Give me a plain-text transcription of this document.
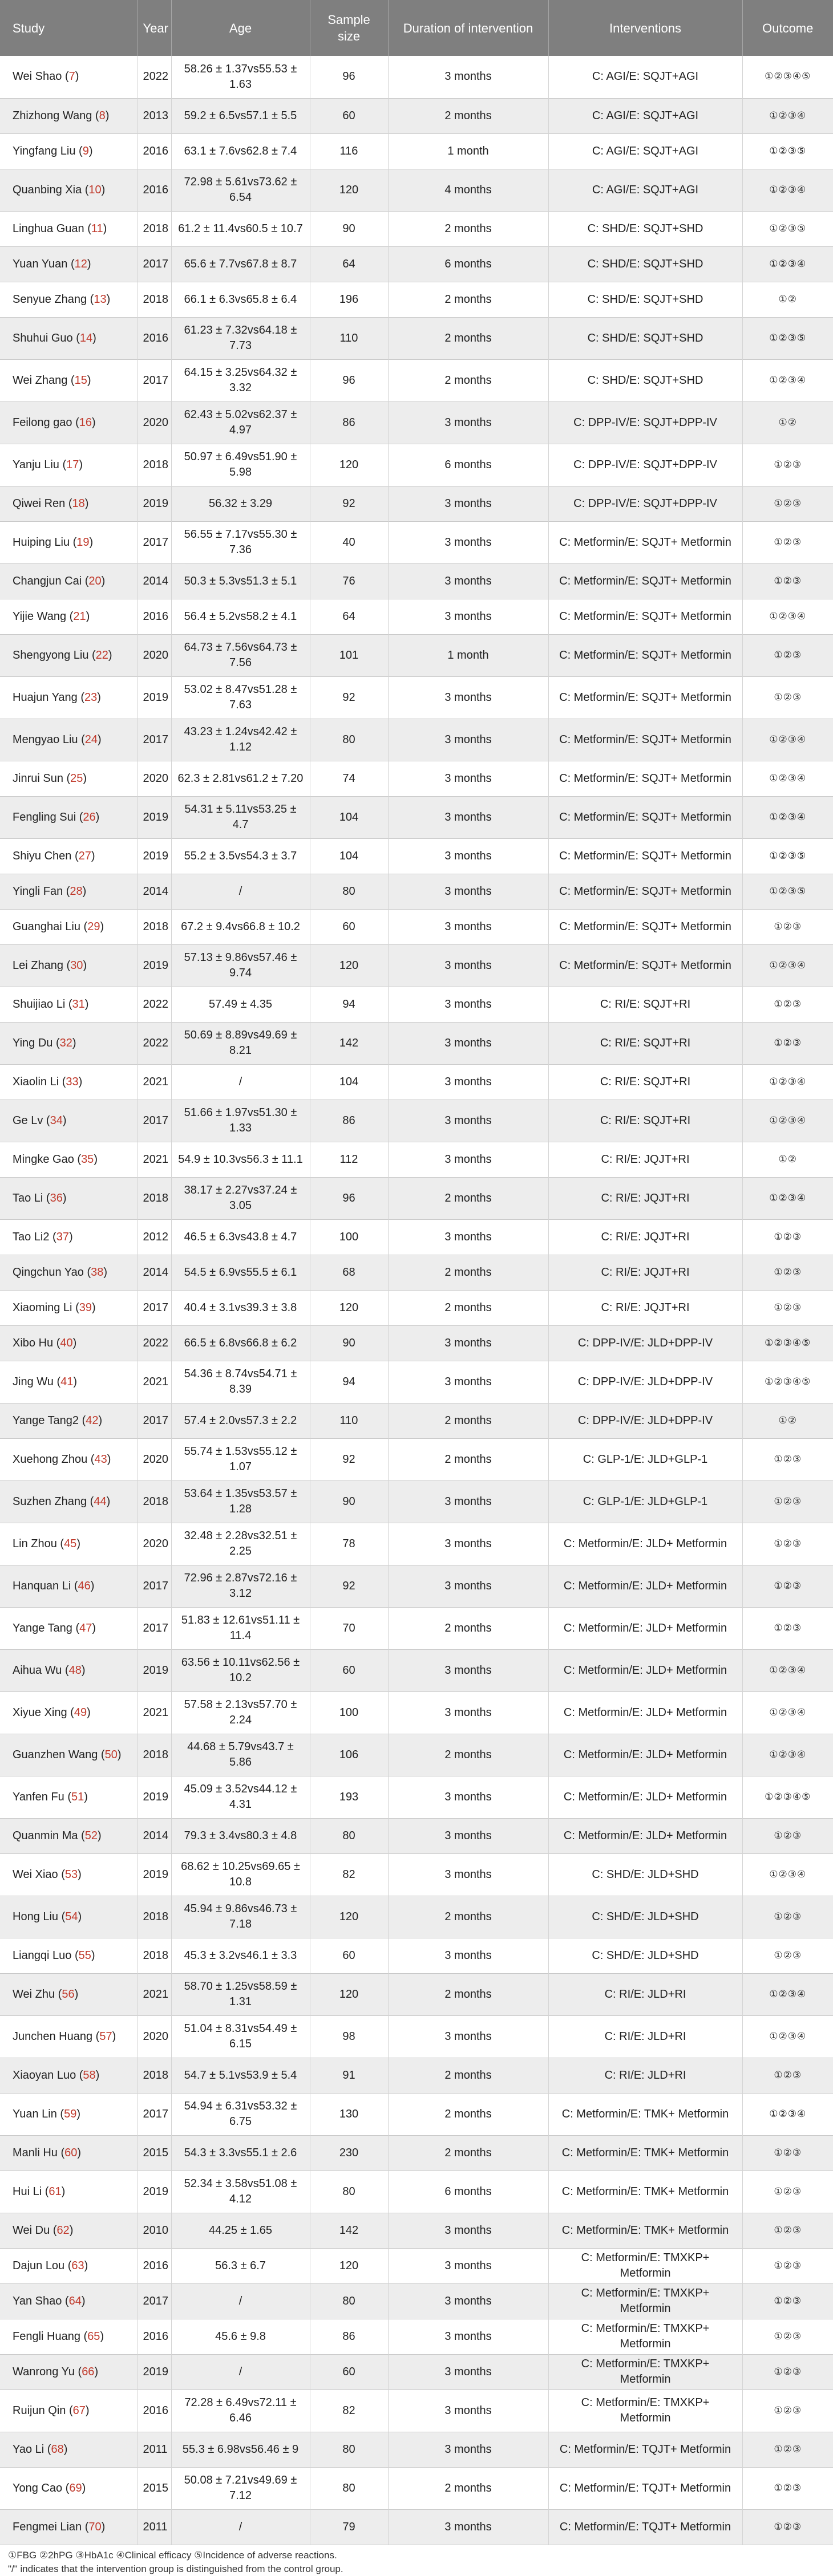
Study	Year	Age	Sample size	Duration of intervention	Interventions	Outcome
Wei Shao (7)	2022	58.26 ± 1.37vs55.53 ± 1.63	96	3 months	C: AGI/E: SQJT+AGI	①②③④⑤
Zhizhong Wang (8)	2013	59.2 ± 6.5vs57.1 ± 5.5	60	2 months	C: AGI/E: SQJT+AGI	①②③④
Yingfang Liu (9)	2016	63.1 ± 7.6vs62.8 ± 7.4	116	1 month	C: AGI/E: SQJT+AGI	①②③⑤
Quanbing Xia (10)	2016	72.98 ± 5.61vs73.62 ± 6.54	120	4 months	C: AGI/E: SQJT+AGI	①②③④
Linghua Guan (11)	2018	61.2 ± 11.4vs60.5 ± 10.7	90	2 months	C: SHD/E: SQJT+SHD	①②③⑤
Yuan Yuan (12)	2017	65.6 ± 7.7vs67.8 ± 8.7	64	6 months	C: SHD/E: SQJT+SHD	①②③④
Senyue Zhang (13)	2018	66.1 ± 6.3vs65.8 ± 6.4	196	2 months	C: SHD/E: SQJT+SHD	①②
Shuhui Guo (14)	2016	61.23 ± 7.32vs64.18 ± 7.73	110	2 months	C: SHD/E: SQJT+SHD	①②③⑤
Wei Zhang (15)	2017	64.15 ± 3.25vs64.32 ± 3.32	96	2 months	C: SHD/E: SQJT+SHD	①②③④
Feilong gao (16)	2020	62.43 ± 5.02vs62.37 ± 4.97	86	3 months	C: DPP-IV/E: SQJT+DPP-IV	①②
Yanju Liu (17)	2018	50.97 ± 6.49vs51.90 ± 5.98	120	6 months	C: DPP-IV/E: SQJT+DPP-IV	①②③
Qiwei Ren (18)	2019	56.32 ± 3.29	92	3 months	C: DPP-IV/E: SQJT+DPP-IV	①②③
Huiping Liu (19)	2017	56.55 ± 7.17vs55.30 ± 7.36	40	3 months	C: Metformin/E: SQJT+ Metformin	①②③
Changjun Cai (20)	2014	50.3 ± 5.3vs51.3 ± 5.1	76	3 months	C: Metformin/E: SQJT+ Metformin	①②③
Yijie Wang (21)	2016	56.4 ± 5.2vs58.2 ± 4.1	64	3 months	C: Metformin/E: SQJT+ Metformin	①②③④
Shengyong Liu (22)	2020	64.73 ± 7.56vs64.73 ± 7.56	101	1 month	C: Metformin/E: SQJT+ Metformin	①②③
Huajun Yang (23)	2019	53.02 ± 8.47vs51.28 ± 7.63	92	3 months	C: Metformin/E: SQJT+ Metformin	①②③
Mengyao Liu (24)	2017	43.23 ± 1.24vs42.42 ± 1.12	80	3 months	C: Metformin/E: SQJT+ Metformin	①②③④
Jinrui Sun (25)	2020	62.3 ± 2.81vs61.2 ± 7.20	74	3 months	C: Metformin/E: SQJT+ Metformin	①②③④
Fengling Sui (26)	2019	54.31 ± 5.11vs53.25 ± 4.7	104	3 months	C: Metformin/E: SQJT+ Metformin	①②③④
Shiyu Chen (27)	2019	55.2 ± 3.5vs54.3 ± 3.7	104	3 months	C: Metformin/E: SQJT+ Metformin	①②③⑤
Yingli Fan (28)	2014	/	80	3 months	C: Metformin/E: SQJT+ Metformin	①②③⑤
Guanghai Liu (29)	2018	67.2 ± 9.4vs66.8 ± 10.2	60	3 months	C: Metformin/E: SQJT+ Metformin	①②③
Lei Zhang (30)	2019	57.13 ± 9.86vs57.46 ± 9.74	120	3 months	C: Metformin/E: SQJT+ Metformin	①②③④
Shuijiao Li (31)	2022	57.49 ± 4.35	94	3 months	C: RI/E: SQJT+RI	①②③
Ying Du (32)	2022	50.69 ± 8.89vs49.69 ± 8.21	142	3 months	C: RI/E: SQJT+RI	①②③
Xiaolin Li (33)	2021	/	104	3 months	C: RI/E: SQJT+RI	①②③④
Ge Lv (34)	2017	51.66 ± 1.97vs51.30 ± 1.33	86	3 months	C: RI/E: SQJT+RI	①②③④
Mingke Gao (35)	2021	54.9 ± 10.3vs56.3 ± 11.1	112	3 months	C: RI/E: JQJT+RI	①②
Tao Li (36)	2018	38.17 ± 2.27vs37.24 ± 3.05	96	2 months	C: RI/E: JQJT+RI	①②③④
Tao Li2 (37)	2012	46.5 ± 6.3vs43.8 ± 4.7	100	3 months	C: RI/E: JQJT+RI	①②③
Qingchun Yao (38)	2014	54.5 ± 6.9vs55.5 ± 6.1	68	2 months	C: RI/E: JQJT+RI	①②③
Xiaoming Li (39)	2017	40.4 ± 3.1vs39.3 ± 3.8	120	2 months	C: RI/E: JQJT+RI	①②③
Xibo Hu (40)	2022	66.5 ± 6.8vs66.8 ± 6.2	90	3 months	C: DPP-IV/E: JLD+DPP-IV	①②③④⑤
Jing Wu (41)	2021	54.36 ± 8.74vs54.71 ± 8.39	94	3 months	C: DPP-IV/E: JLD+DPP-IV	①②③④⑤
Yange Tang2 (42)	2017	57.4 ± 2.0vs57.3 ± 2.2	110	2 months	C: DPP-IV/E: JLD+DPP-IV	①②
Xuehong Zhou (43)	2020	55.74 ± 1.53vs55.12 ± 1.07	92	2 months	C: GLP-1/E: JLD+GLP-1	①②③
Suzhen Zhang (44)	2018	53.64 ± 1.35vs53.57 ± 1.28	90	3 months	C: GLP-1/E: JLD+GLP-1	①②③
Lin Zhou (45)	2020	32.48 ± 2.28vs32.51 ± 2.25	78	3 months	C: Metformin/E: JLD+ Metformin	①②③
Hanquan Li (46)	2017	72.96 ± 2.87vs72.16 ± 3.12	92	3 months	C: Metformin/E: JLD+ Metformin	①②③
Yange Tang (47)	2017	51.83 ± 12.61vs51.11 ± 11.4	70	2 months	C: Metformin/E: JLD+ Metformin	①②③
Aihua Wu (48)	2019	63.56 ± 10.11vs62.56 ± 10.2	60	3 months	C: Metformin/E: JLD+ Metformin	①②③④
Xiyue Xing (49)	2021	57.58 ± 2.13vs57.70 ± 2.24	100	3 months	C: Metformin/E: JLD+ Metformin	①②③④
Guanzhen Wang (50)	2018	44.68 ± 5.79vs43.7 ± 5.86	106	2 months	C: Metformin/E: JLD+ Metformin	①②③④
Yanfen Fu (51)	2019	45.09 ± 3.52vs44.12 ± 4.31	193	3 months	C: Metformin/E: JLD+ Metformin	①②③④⑤
Quanmin Ma (52)	2014	79.3 ± 3.4vs80.3 ± 4.8	80	3 months	C: Metformin/E: JLD+ Metformin	①②③
Wei Xiao (53)	2019	68.62 ± 10.25vs69.65 ± 10.8	82	3 months	C: SHD/E: JLD+SHD	①②③④
Hong Liu (54)	2018	45.94 ± 9.86vs46.73 ± 7.18	120	2 months	C: SHD/E: JLD+SHD	①②③
Liangqi Luo (55)	2018	45.3 ± 3.2vs46.1 ± 3.3	60	3 months	C: SHD/E: JLD+SHD	①②③
Wei Zhu (56)	2021	58.70 ± 1.25vs58.59 ± 1.31	120	2 months	C: RI/E: JLD+RI	①②③④
Junchen Huang (57)	2020	51.04 ± 8.31vs54.49 ± 6.15	98	3 months	C: RI/E: JLD+RI	①②③④
Xiaoyan Luo (58)	2018	54.7 ± 5.1vs53.9 ± 5.4	91	2 months	C: RI/E: JLD+RI	①②③
Yuan Lin (59)	2017	54.94 ± 6.31vs53.32 ± 6.75	130	2 months	C: Metformin/E: TMK+ Metformin	①②③④
Manli Hu (60)	2015	54.3 ± 3.3vs55.1 ± 2.6	230	2 months	C: Metformin/E: TMK+ Metformin	①②③
Hui Li (61)	2019	52.34 ± 3.58vs51.08 ± 4.12	80	6 months	C: Metformin/E: TMK+ Metformin	①②③
Wei Du (62)	2010	44.25 ± 1.65	142	3 months	C: Metformin/E: TMK+ Metformin	①②③
Dajun Lou (63)	2016	56.3 ± 6.7	120	3 months	C: Metformin/E: TMXKP+ Metformin	①②③
Yan Shao (64)	2017	/	80	3 months	C: Metformin/E: TMXKP+ Metformin	①②③
Fengli Huang (65)	2016	45.6 ± 9.8	86	3 months	C: Metformin/E: TMXKP+ Metformin	①②③
Wanrong Yu (66)	2019	/	60	3 months	C: Metformin/E: TMXKP+ Metformin	①②③
Ruijun Qin (67)	2016	72.28 ± 6.49vs72.11 ± 6.46	82	3 months	C: Metformin/E: TMXKP+ Metformin	①②③
Yao Li (68)	2011	55.3 ± 6.98vs56.46 ± 9	80	3 months	C: Metformin/E: TQJT+ Metformin	①②③
Yong Cao (69)	2015	50.08 ± 7.21vs49.69 ± 7.12	80	2 months	C: Metformin/E: TQJT+ Metformin	①②③
Fengmei Lian (70)	2011	/	79	3 months	C: Metformin/E: TQJT+ Metformin	①②③
①FBG ②2hPG ③HbA1c ④Clinical efficacy ⑤Incidence of adverse reactions.
"/" indicates that the intervention group is distinguished from the control group.
